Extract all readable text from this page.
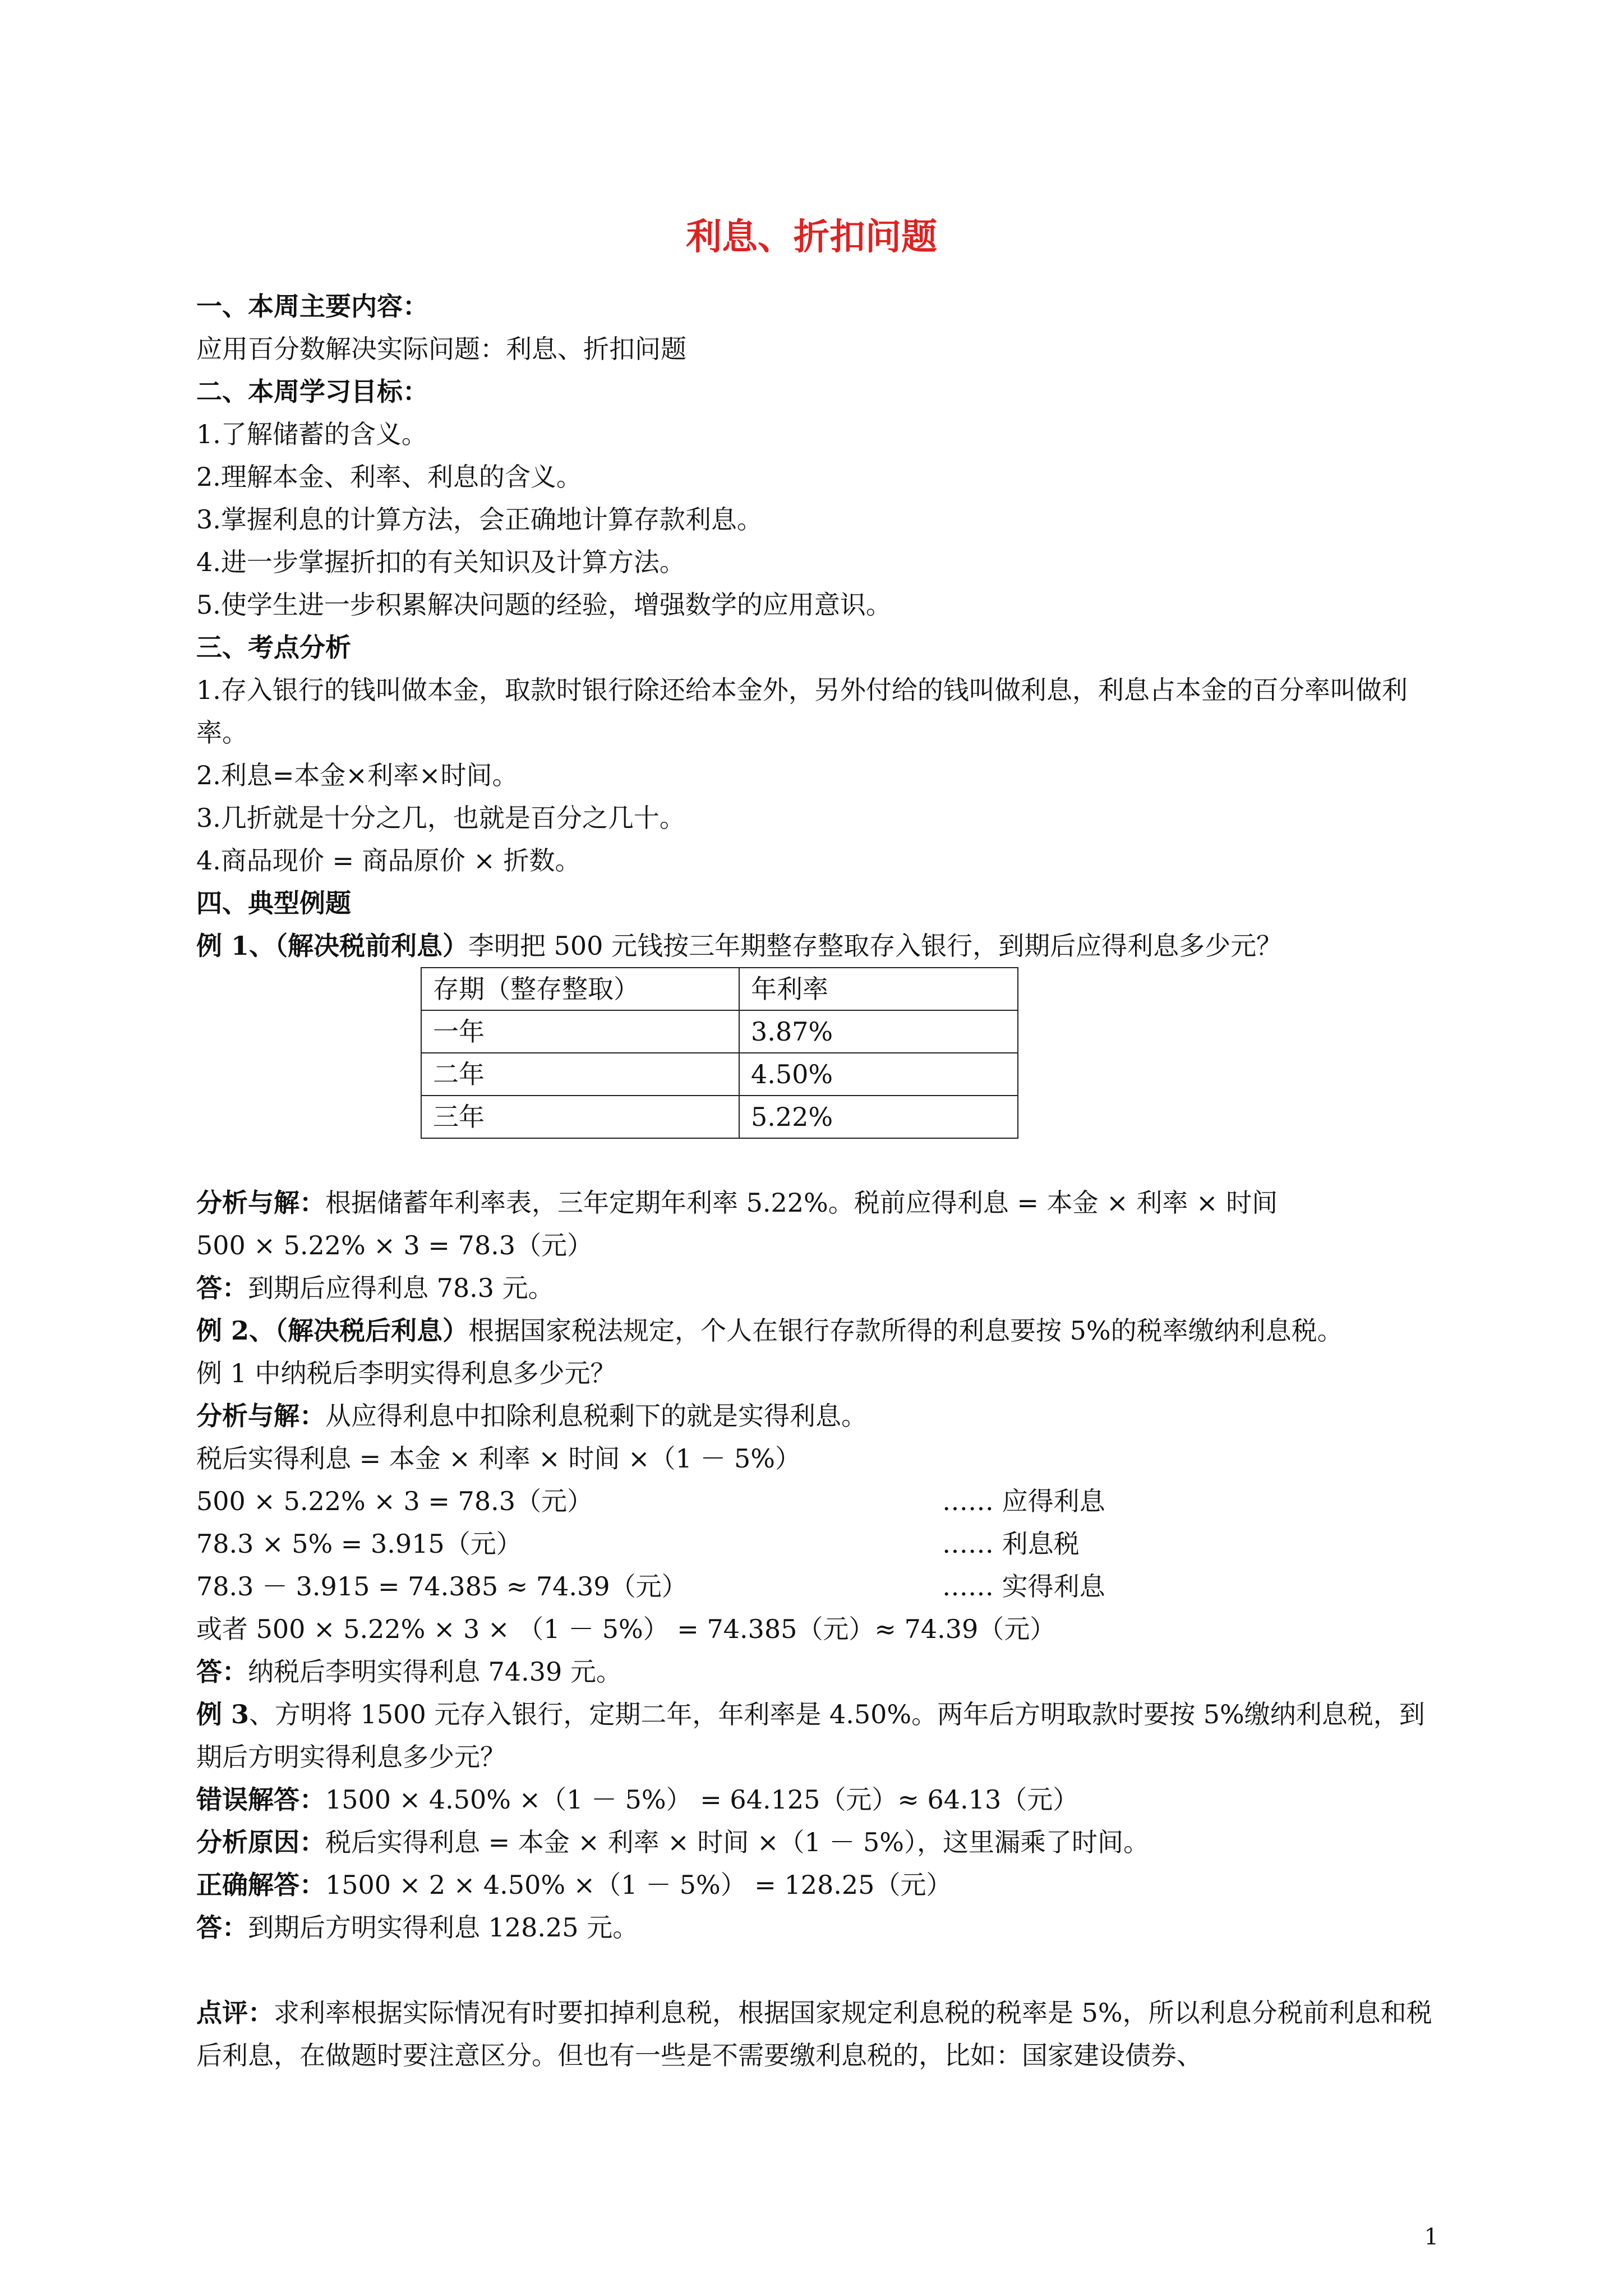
利息、折扣问题

一、本周主要内容：

应用百分数解决实际问题：利息、折扣问题

二、本周学习目标：

1.了解储蓄的含义。

2.理解本金、利率、利息的含义。

3.掌握利息的计算方法，会正确地计算存款利息。

4.进一步掌握折扣的有关知识及计算方法。

5.使学生进一步积累解决问题的经验，增强数学的应用意识。

三、考点分析

1.存入银行的钱叫做本金，取款时银行除还给本金外，另外付给的钱叫做利息，利息占本金的百分率叫做利率。

2.利息=本金×利率×时间。

3.几折就是十分之几，也就是百分之几十。

4.商品现价 = 商品原价 × 折数。

四、典型例题

例 1、（解决税前利息）李明把 500 元钱按三年期整存整取存入银行，到期后应得利息多少元？

存期（整存整取）	年利率
一年	3.87%
二年	4.50%
三年	5.22%

分析与解：根据储蓄年利率表，三年定期年利率 5.22%。税前应得利息 = 本金 × 利率 × 时间

500 × 5.22% × 3 = 78.3（元）

答：到期后应得利息 78.3 元。

例 2、（解决税后利息）根据国家税法规定，个人在银行存款所得的利息要按 5%的税率缴纳利息税。

例 1 中纳税后李明实得利息多少元？

分析与解：从应得利息中扣除利息税剩下的就是实得利息。

税后实得利息 = 本金 × 利率 × 时间 ×（1 － 5%）

500 × 5.22% × 3 = 78.3（元）	…… 应得利息
78.3 × 5% = 3.915（元）	…… 利息税
78.3 － 3.915 = 74.385 ≈ 74.39（元）	…… 实得利息

或者 500 × 5.22% × 3 × （1 － 5%） = 74.385（元）≈ 74.39（元）

答：纳税后李明实得利息 74.39 元。

例 3、方明将 1500 元存入银行，定期二年，年利率是 4.50%。两年后方明取款时要按 5%缴纳利息税，到期后方明实得利息多少元？

错误解答：1500 × 4.50% ×（1 － 5%） = 64.125（元）≈ 64.13（元）

分析原因：税后实得利息 = 本金 × 利率 × 时间 ×（1 － 5%），这里漏乘了时间。

正确解答：1500 × 2 × 4.50% ×（1 － 5%） = 128.25（元）

答：到期后方明实得利息 128.25 元。

点评：求利率根据实际情况有时要扣掉利息税，根据国家规定利息税的税率是 5%，所以利息分税前利息和税后利息，在做题时要注意区分。但也有一些是不需要缴利息税的，比如：国家建设债券、

1
